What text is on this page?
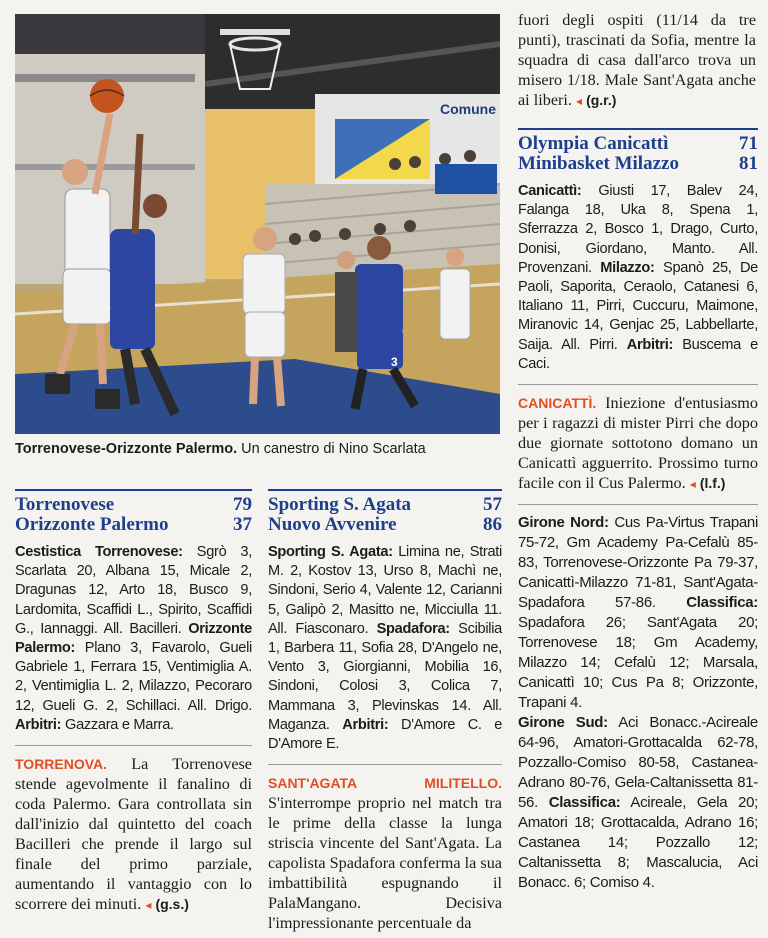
Comune
3
Torrenovese-Orizzonte Palermo. Un canestro di Nino Scarlata
fuori degli ospiti (11/14 da tre punti), trascinati da Sofia, mentre la squadra di casa dall'arco trova un misero 1/18. Male Sant'Agata anche ai liberi. ◂ (g.r.)
Olympia Canicattì	71
Minibasket Milazzo	81
Canicattì: Giusti 17, Balev 24, Falanga 18, Uka 8, Spena 1, Sferrazza 2, Bosco 1, Drago, Curto, Donisi, Giordano, Manto. All. Provenzani. Milazzo: Spanò 25, De Paoli, Saporita, Ceraolo, Catanesi 6, Italiano 11, Pirri, Cuccuru, Maimone, Miranovic 14, Genjac 25, Labbellarte, Saija. All. Pirri. Arbitri: Buscema e Caci.
CANICATTÌ. Iniezione d'entusiasmo per i ragazzi di mister Pirri che dopo due giornate sottotono domano un Canicattì agguerrito. Prossimo turno facile con il Cus Palermo. ◂ (l.f.)
Girone Nord: Cus Pa-Virtus Trapani 75-72, Gm Academy Pa-Cefalù 85-83, Torrenovese-Orizzonte Pa 79-37, Canicattì-Milazzo 71-81, Sant'Agata-Spadafora 57-86. Classifica: Spadafora 26; Sant'Agata 20; Torrenovese 18; Gm Academy, Milazzo 14; Cefalù 12; Marsala, Canicattì 10; Cus Pa 8; Orizzonte, Trapani 4.
Girone Sud: Aci Bonacc.-Acireale 64-96, Amatori-Grottacalda 62-78, Pozzallo-Comiso 80-58, Castanea- Adrano 80-76, Gela-Caltanissetta 81-56. Classifica: Acireale, Gela 20; Amatori 18; Grottacalda, Adrano 16; Castanea 14; Pozzallo 12; Caltanissetta 8; Mascalucia, Aci Bonacc. 6; Comiso 4.
Torrenovese	79
Orizzonte Palermo	37
Cestistica Torrenovese: Sgrò 3, Scarlata 20, Albana 15, Micale 2, Dragunas 12, Arto 18, Busco 9, Lardomita, Scaffidi L., Spirito, Scaffidi G., Iannaggi. All. Bacilleri. Orizzonte Palermo: Plano 3, Favarolo, Gueli Gabriele 1, Ferrara 15, Ventimiglia A. 2, Ventimiglia L. 2, Milazzo, Pecoraro 12, Gueli G. 2, Schillaci. All. Drigo. Arbitri: Gazzara e Marra.
TORRENOVA. La Torrenovese stende agevolmente il fanalino di coda Palermo. Gara controllata sin dall'inizio dal quintetto del coach Bacilleri che prende il largo sul finale del primo parziale, aumentando il vantaggio con lo scorrere dei minuti. ◂ (g.s.)
Sporting S. Agata	57
Nuovo Avvenire	86
Sporting S. Agata: Limina ne, Strati M. 2, Kostov 13, Urso 8, Machì ne, Sindoni, Serio 4, Valente 12, Carianni 5, Galipò 2, Masitto ne, Micciulla 11. All. Fiasconaro. Spadafora: Scibilia 1, Barbera 11, Sofia 28, D'Angelo ne, Vento 3, Giorgianni, Mobilia 16, Sindoni, Colosi 3, Colica 7, Mammana 3, Plevinskas 14. All. Maganza. Arbitri: D'Amore C. e D'Amore E.
SANT'AGATA MILITELLO. S'interrompe proprio nel match tra le prime della classe la lunga striscia vincente del Sant'Agata. La capolista Spadafora conferma la sua imbattibilità espugnando il PalaMangano. Decisiva l'impressionante percentuale da
